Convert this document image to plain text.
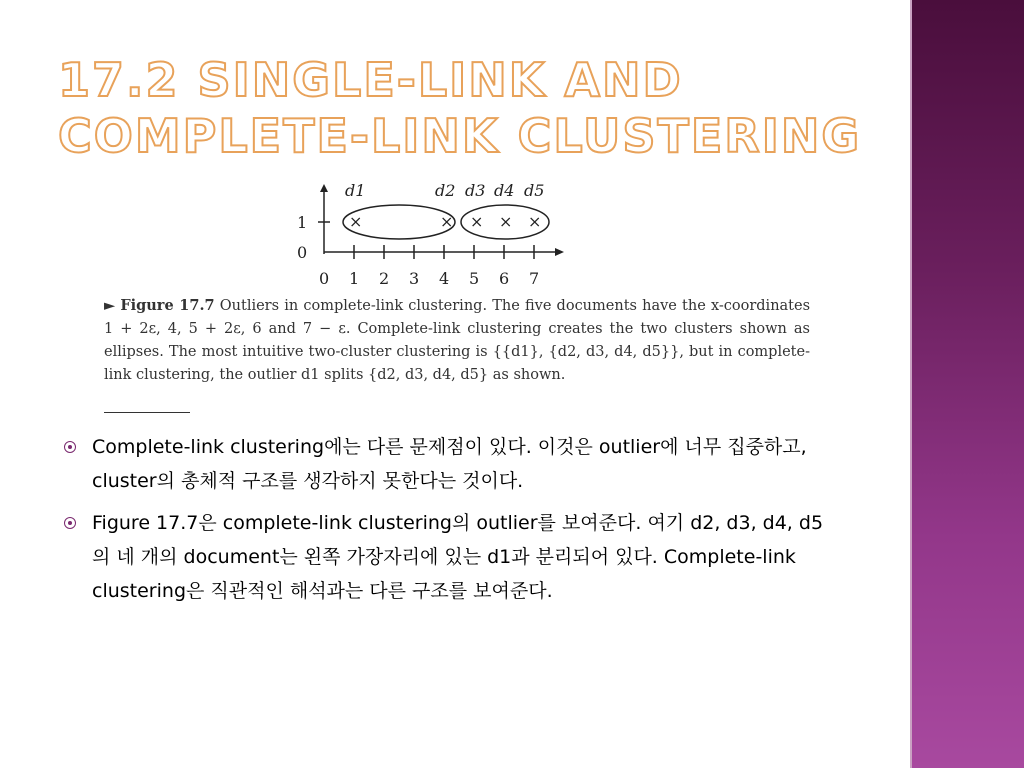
17.2 SINGLE-LINK AND COMPLETE-LINK CLUSTERING
1
0
0 1 2 3 4 5 6 7
×	× × × ×
d1	d2 d3 d4 d5
► Figure 17.7 Outliers in complete-link clustering. The five documents have the x-coordinates 1 + 2ε, 4, 5 + 2ε, 6 and 7 − ε. Complete-link clustering creates the two clusters shown as ellipses. The most intuitive two-cluster clustering is {{d1}, {d2, d3, d4, d5}}, but in complete-link clustering, the outlier d1 splits {d2, d3, d4, d5} as shown.
Complete-link clustering에는 다른 문제점이 있다. 이것은 outlier에 너무 집중하고, cluster의 총체적 구조를 생각하지 못한다는 것이다.
Figure 17.7은 complete-link clustering의 outlier를 보여준다. 여기 d2, d3, d4, d5의 네 개의 document는 왼쪽 가장자리에 있는 d1과 분리되어 있다. Complete-link clustering은 직관적인 해석과는 다른 구조를 보여준다.
